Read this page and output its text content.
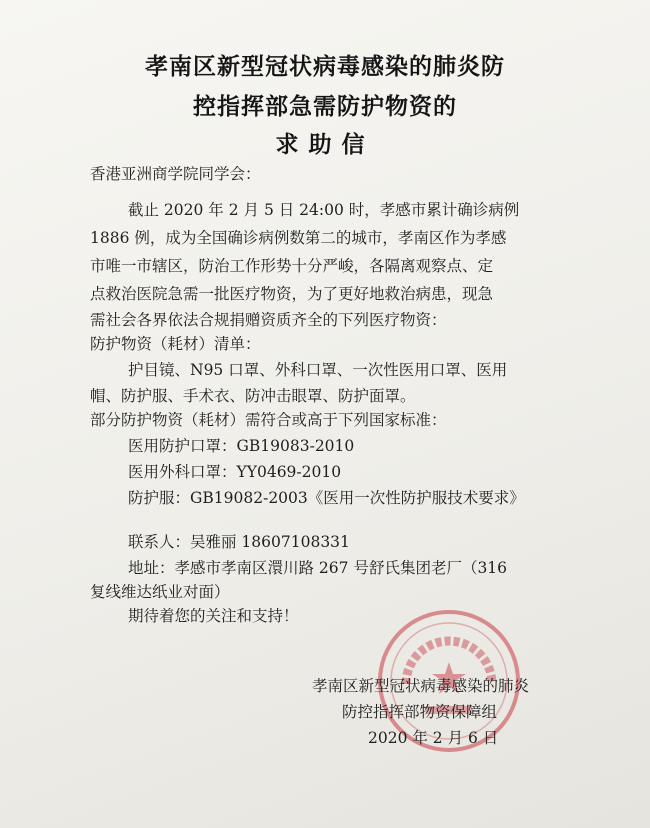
孝南区新型冠状病毒感染的肺炎防
控指挥部急需防护物资的
求助信
香港亚洲商学院同学会：
截止 2020 年 2 月 5 日 24:00 时，孝感市累计确诊病例
1886 例，成为全国确诊病例数第二的城市，孝南区作为孝感
市唯一市辖区，防治工作形势十分严峻，各隔离观察点、定
点救治医院急需一批医疗物资，为了更好地救治病患，现急
需社会各界依法合规捐赠资质齐全的下列医疗物资：
防护物资（耗材）清单：
护目镜、N95 口罩、外科口罩、一次性医用口罩、医用
帽、防护服、手术衣、防冲击眼罩、防护面罩。
部分防护物资（耗材）需符合或高于下列国家标准：
医用防护口罩：GB19083-2010
医用外科口罩：YY0469-2010
防护服：GB19082-2003《医用一次性防护服技术要求》
联系人：吴雅丽 18607108331
地址：孝感市孝南区澴川路 267 号舒氏集团老厂（316
复线维达纸业对面）
期待着您的关注和支持！
孝南区新型冠状病毒感染的肺炎
防控指挥部物资保障组
2020 年 2 月 6 日
